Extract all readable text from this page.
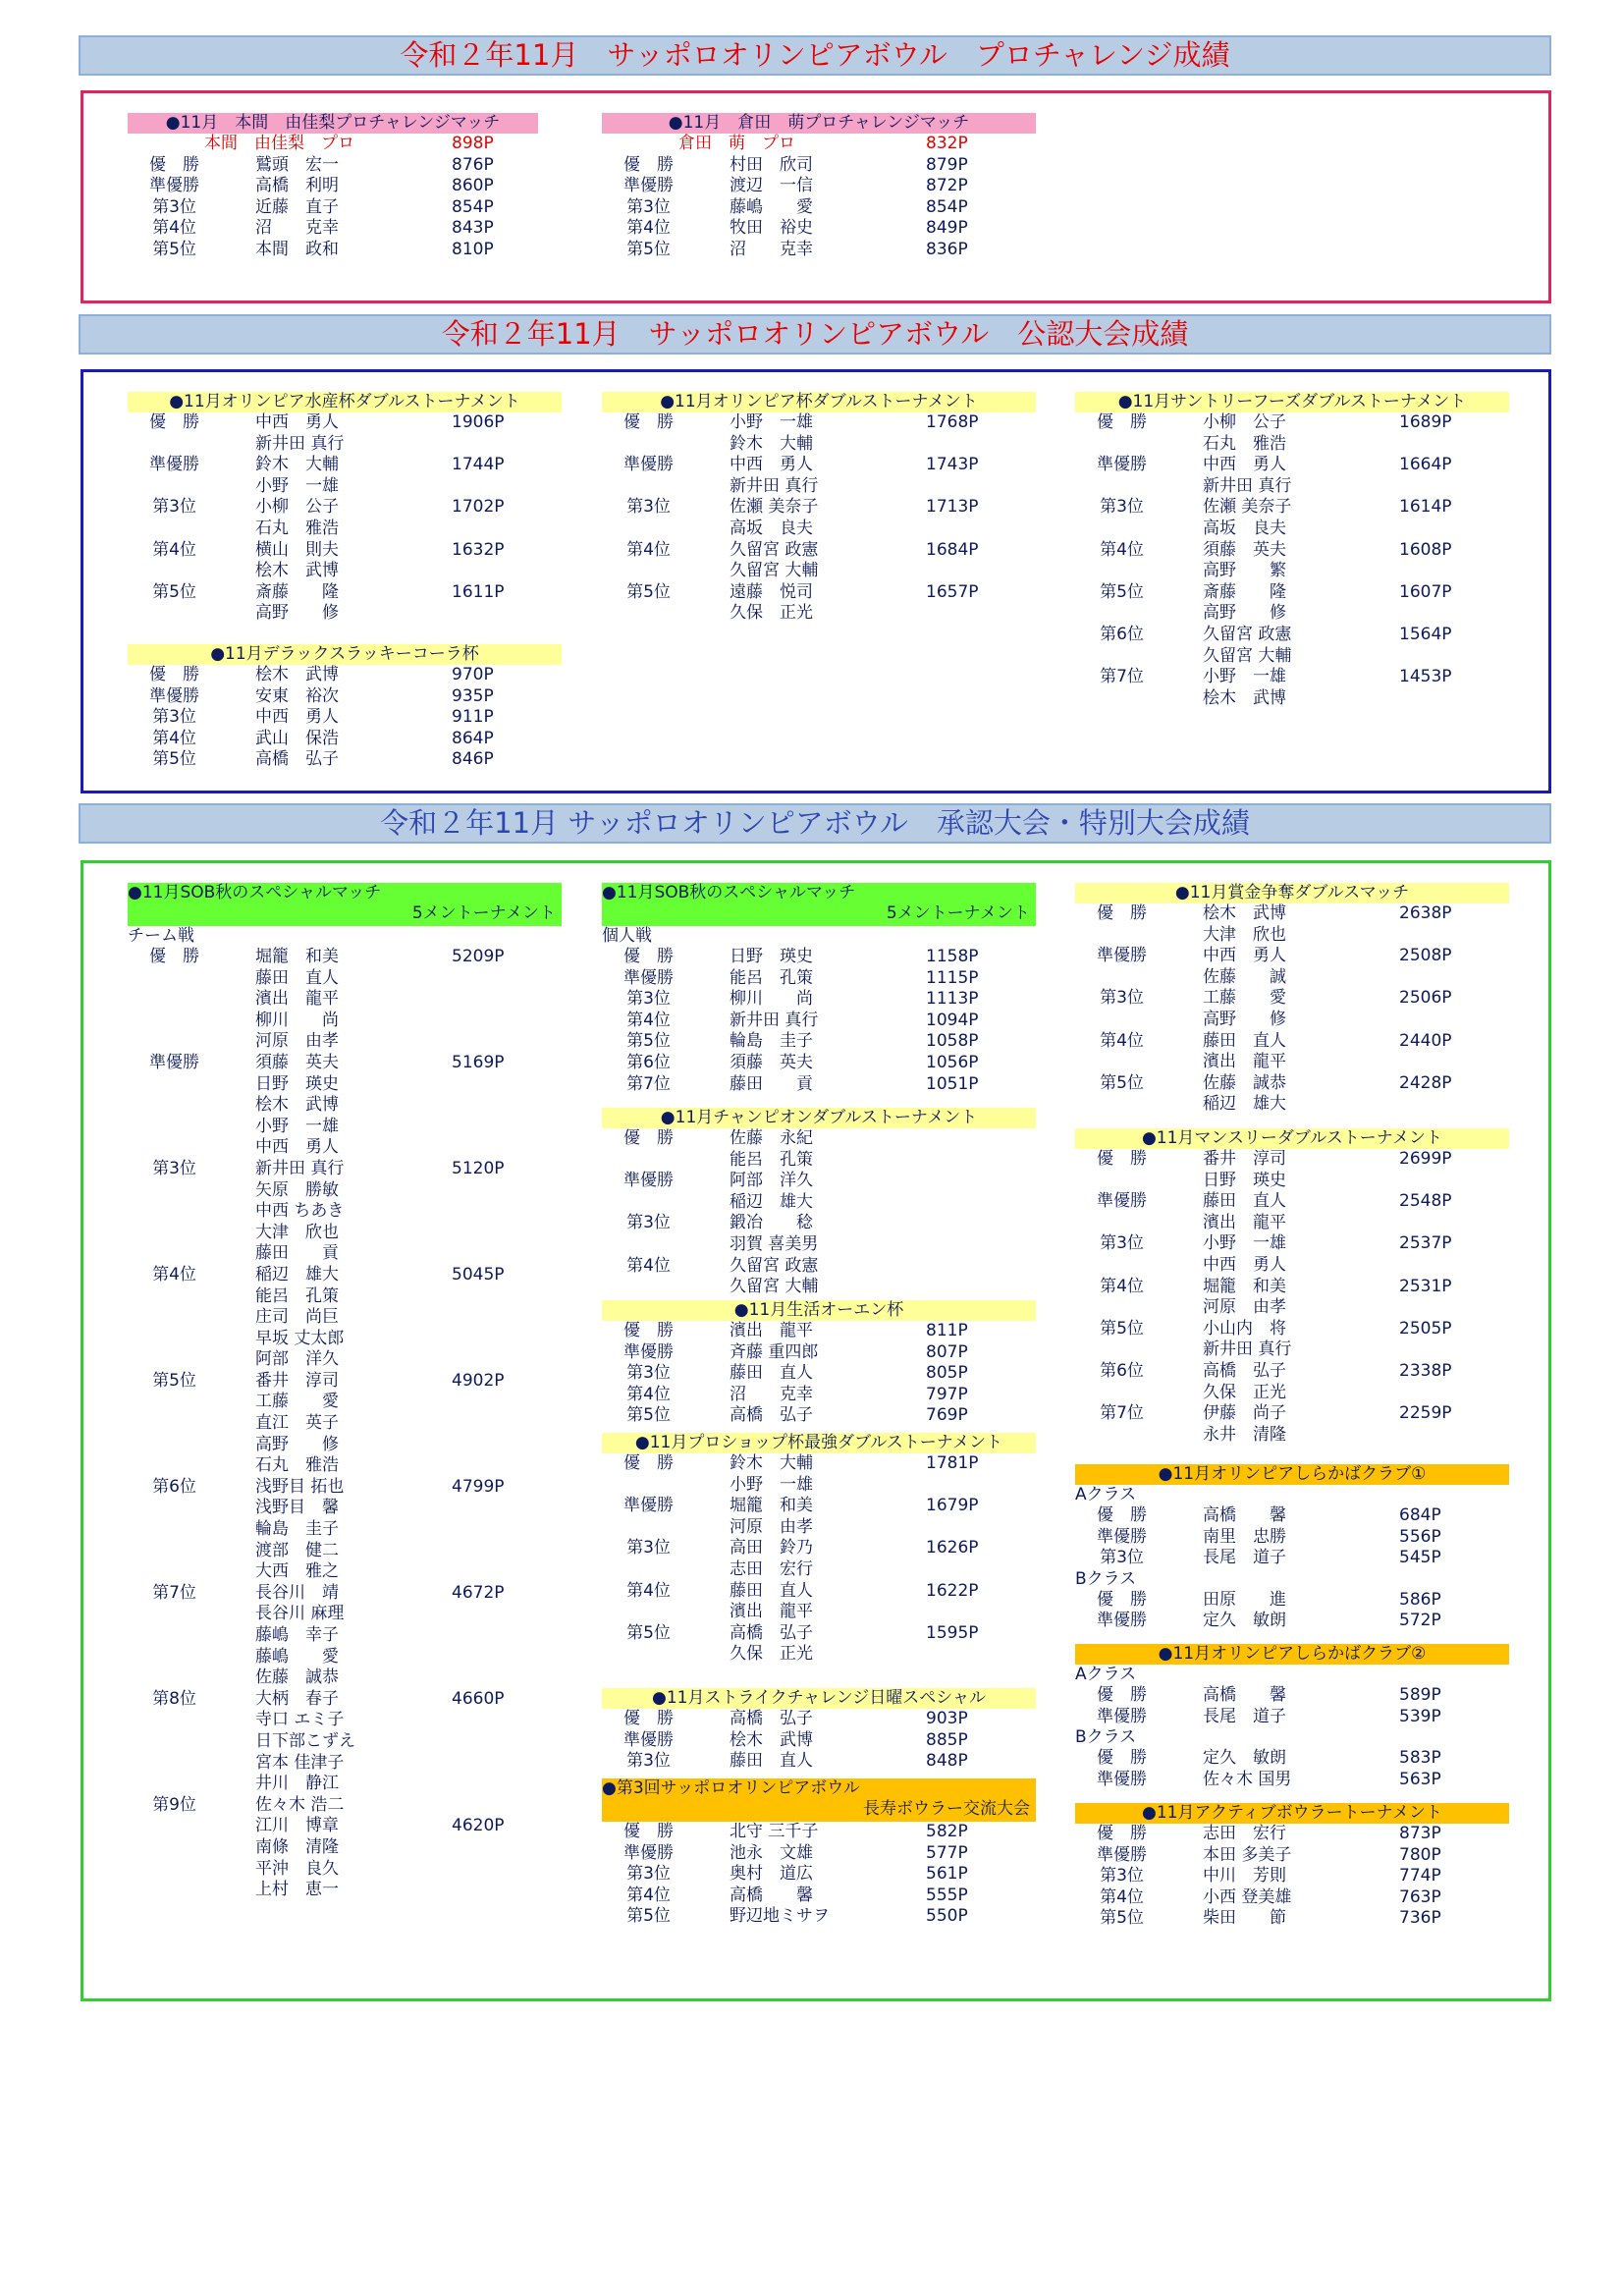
令和２年11月　サッポロオリンピアボウル　プロチャレンジ成績
●11月　本間　由佳梨プロチャレンジマッチ
本間　由佳梨　プロ	898P
優　勝	鷲頭　宏一	876P
準優勝	高橋　利明	860P
第3位	近藤　直子	854P
第4位	沼　　克幸	843P
第5位	本間　政和	810P
●11月　倉田　萌プロチャレンジマッチ
倉田　萌　プロ	832P
優　勝	村田　欣司	879P
準優勝	渡辺　一信	872P
第3位	藤嶋　　愛	854P
第4位	牧田　裕史	849P
第5位	沼　　克幸	836P
令和２年11月　サッポロオリンピアボウル　公認大会成績
●11月オリンピア水産杯ダブルストーナメント
優　勝	中西　勇人	1906P
新井田 真行
準優勝	鈴木　大輔	1744P
小野　一雄
第3位	小柳　公子	1702P
石丸　雅浩
第4位	横山　則夫	1632P
桧木　武博
第5位	斎藤　　隆	1611P
高野　　修
●11月デラックスラッキーコーラ杯
優　勝	桧木　武博	970P
準優勝	安東　裕次	935P
第3位	中西　勇人	911P
第4位	武山　保浩	864P
第5位	高橋　弘子	846P
●11月オリンピア杯ダブルストーナメント
優　勝	小野　一雄	1768P
鈴木　大輔
準優勝	中西　勇人	1743P
新井田 真行
第3位	佐瀬 美奈子	1713P
高坂　良夫
第4位	久留宮 政憲	1684P
久留宮 大輔
第5位	遠藤　悦司	1657P
久保　正光
●11月サントリーフーズダブルストーナメント
優　勝	小柳　公子	1689P
石丸　雅浩
準優勝	中西　勇人	1664P
新井田 真行
第3位	佐瀬 美奈子	1614P
高坂　良夫
第4位	須藤　英夫	1608P
高野　　繁
第5位	斎藤　　隆	1607P
高野　　修
第6位	久留宮 政憲	1564P
久留宮 大輔
第7位	小野　一雄	1453P
桧木　武博
令和２年11月 サッポロオリンピアボウル　承認大会・特別大会成績
●11月SOB秋のスペシャルマッチ
5メントーナメント
チーム戦
優　勝	堀籠　和美	5209P
藤田　直人
濱出　龍平
柳川　　尚
河原　由孝
準優勝	須藤　英夫	5169P
日野　瑛史
桧木　武博
小野　一雄
中西　勇人
第3位	新井田 真行	5120P
矢原　勝敏
中西 ちあき
大津　欣也
藤田　　貢
第4位	稲辺　雄大	5045P
能呂　孔策
庄司　尚巨
早坂 丈太郎
阿部　洋久
第5位	番井　淳司	4902P
工藤　　愛
直江　英子
高野　　修
石丸　雅浩
第6位	浅野目 拓也	4799P
浅野目　馨
輪島　圭子
渡部　健二
大西　雅之
第7位	長谷川　靖	4672P
長谷川 麻理
藤嶋　幸子
藤嶋　　愛
佐藤　誠恭
第8位	大柄　春子	4660P
寺口 エミ子
日下部こずえ
宮本 佳津子
井川　静江
第9位	佐々木 浩二
江川　博章	4620P
南條　清隆
平沖　良久
上村　恵一
●11月SOB秋のスペシャルマッチ
5メントーナメント
個人戦
優　勝	日野　瑛史	1158P
準優勝	能呂　孔策	1115P
第3位	柳川　　尚	1113P
第4位	新井田 真行	1094P
第5位	輪島　圭子	1058P
第6位	須藤　英夫	1056P
第7位	藤田　　貢	1051P
●11月チャンピオンダブルストーナメント
優　勝	佐藤　永紀
能呂　孔策
準優勝	阿部　洋久
稲辺　雄大
第3位	鍛冶　　稔
羽賀 喜美男
第4位	久留宮 政憲
久留宮 大輔
●11月生活オーエン杯
優　勝	濱出　龍平	811P
準優勝	斉藤 重四郎	807P
第3位	藤田　直人	805P
第4位	沼　　克幸	797P
第5位	高橋　弘子	769P
●11月プロショップ杯最強ダブルストーナメント
優　勝	鈴木　大輔	1781P
小野　一雄
準優勝	堀籠　和美	1679P
河原　由孝
第3位	高田　鈴乃	1626P
志田　宏行
第4位	藤田　直人	1622P
濱出　龍平
第5位	高橋　弘子	1595P
久保　正光
●11月ストライクチャレンジ日曜スペシャル
優　勝	高橋　弘子	903P
準優勝	桧木　武博	885P
第3位	藤田　直人	848P
●第3回サッポロオリンピアボウル
長寿ボウラー交流大会
優　勝	北守 三千子	582P
準優勝	池永　文雄	577P
第3位	奥村　道広	561P
第4位	高橋　　馨	555P
第5位	野辺地ミサヲ	550P
●11月賞金争奪ダブルスマッチ
優　勝	桧木　武博	2638P
大津　欣也
準優勝	中西　勇人	2508P
佐藤　　誠
第3位	工藤　　愛	2506P
高野　　修
第4位	藤田　直人	2440P
濱出　龍平
第5位	佐藤　誠恭	2428P
稲辺　雄大
●11月マンスリーダブルストーナメント
優　勝	番井　淳司	2699P
日野　瑛史
準優勝	藤田　直人	2548P
濱出　龍平
第3位	小野　一雄	2537P
中西　勇人
第4位	堀籠　和美	2531P
河原　由孝
第5位	小山内　将	2505P
新井田 真行
第6位	高橋　弘子	2338P
久保　正光
第7位	伊藤　尚子	2259P
永井　清隆
●11月オリンピアしらかばクラブ①
Aクラス
優　勝	高橋　　馨	684P
準優勝	南里　忠勝	556P
第3位	長尾　道子	545P
Bクラス
優　勝	田原　　進	586P
準優勝	定久　敏朗	572P
●11月オリンピアしらかばクラブ②
Aクラス
優　勝	高橋　　馨	589P
準優勝	長尾　道子	539P
Bクラス
優　勝	定久　敏朗	583P
準優勝	佐々木 国男	563P
●11月アクティブボウラートーナメント
優　勝	志田　宏行	873P
準優勝	本田 多美子	780P
第3位	中川　芳則	774P
第4位	小西 登美雄	763P
第5位	柴田　　節	736P
